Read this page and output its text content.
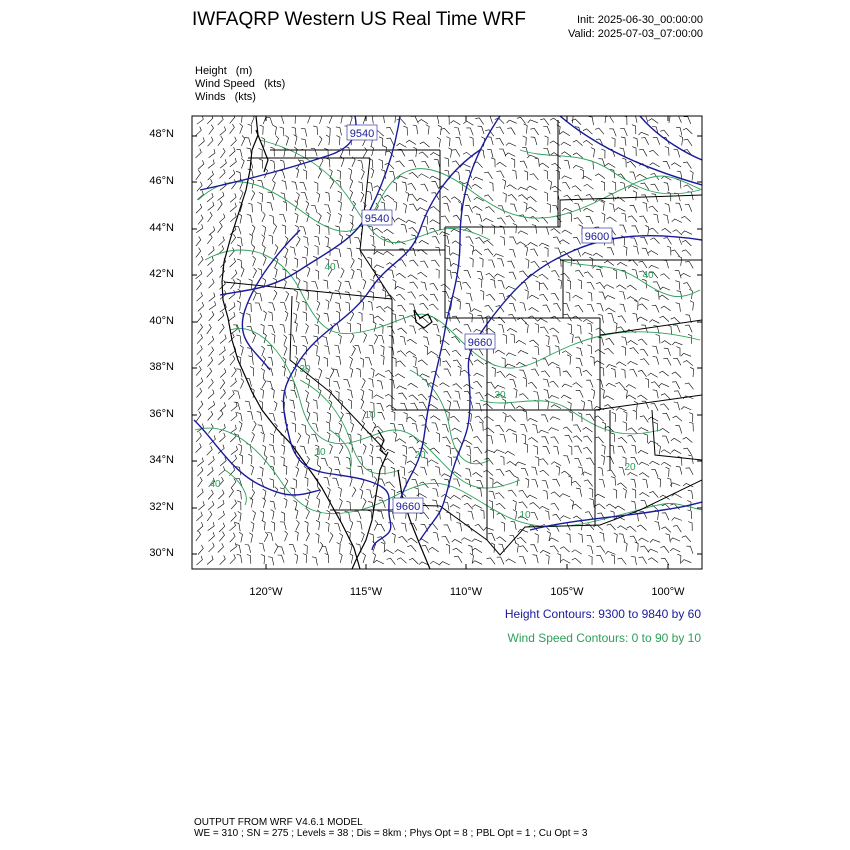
IWFAQRP Western US Real Time WRF	Init: 2025-06-30_00:00:00
Valid: 2025-07-03_07:00:00
Height (m)
Wind Speed (kts)
Winds (kts)
9540
9540
9600
9660
9660
40
10
30
20
40
10
30
20
10
40
48°N
46°N
44°N
42°N
40°N
38°N
36°N
34°N
32°N
30°N
120°W	115°W	110°W	105°W	100°W
Height Contours: 9300 to 9840 by 60
Wind Speed Contours: 0 to 90 by 10
OUTPUT FROM WRF V4.6.1 MODEL
WE = 310 ; SN = 275 ; Levels = 38 ; Dis = 8km ; Phys Opt = 8 ; PBL Opt = 1 ; Cu Opt = 3
